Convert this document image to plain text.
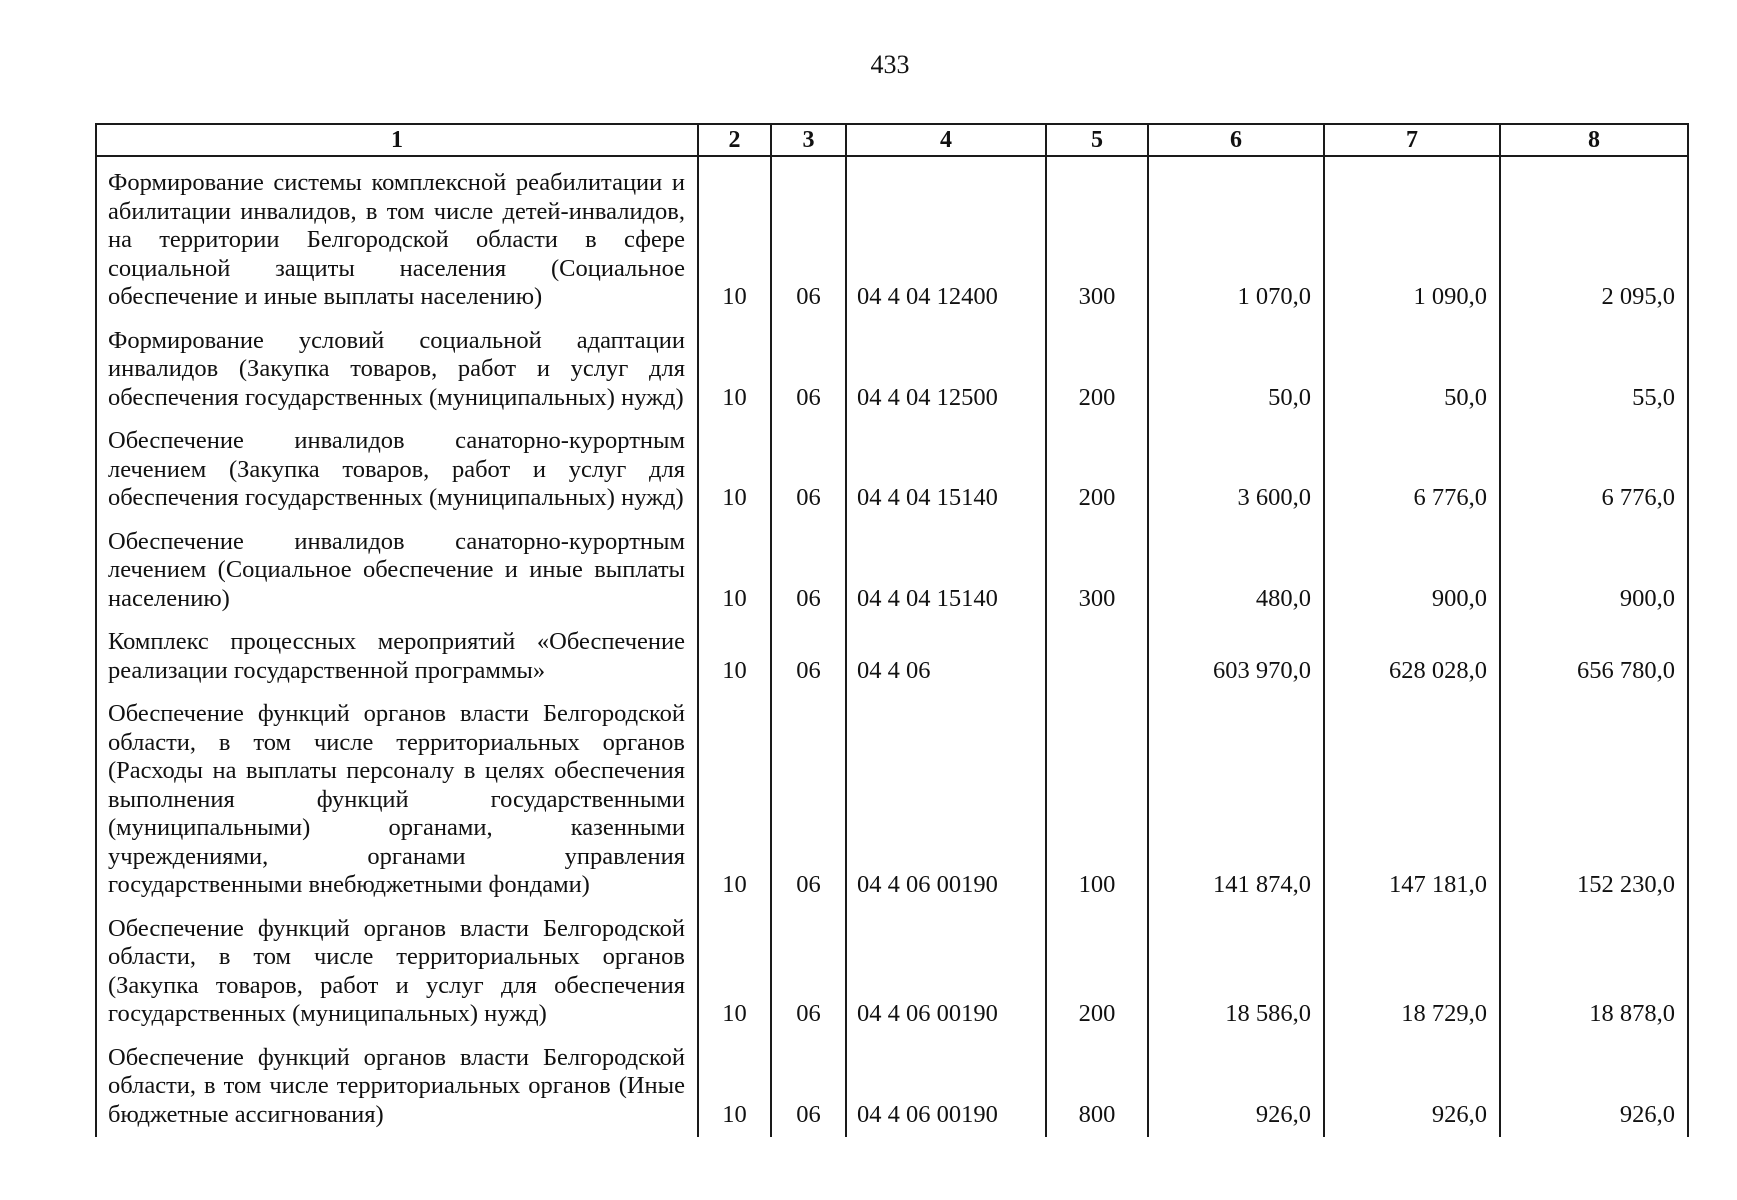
433
1	2	3	4	5	6	7	8
Формирование системы комплексной реабилитации и абилитации инвалидов, в том числе детей-инвалидов, на территории Белгородской области в сфере социальной защиты населения (Социальное обеспечение и иные выплаты населению)	10	06	04 4 04 12400	300	1 070,0	1 090,0	2 095,0
Формирование условий социальной адаптации инвалидов (Закупка товаров, работ и услуг для обеспечения государственных (муниципальных) нужд)	10	06	04 4 04 12500	200	50,0	50,0	55,0
Обеспечение инвалидов санаторно-курортным лечением (Закупка товаров, работ и услуг для обеспечения государственных (муниципальных) нужд)	10	06	04 4 04 15140	200	3 600,0	6 776,0	6 776,0
Обеспечение инвалидов санаторно-курортным лечением (Социальное обеспечение и иные выплаты населению)	10	06	04 4 04 15140	300	480,0	900,0	900,0
Комплекс процессных мероприятий «Обеспечение реализации государственной программы»	10	06	04 4 06		603 970,0	628 028,0	656 780,0
Обеспечение функций органов власти Белгородской области, в том числе территориальных органов (Расходы на выплаты персоналу в целях обеспечения выполнения функций государственными (муниципальными) органами, казенными учреждениями, органами управления государственными внебюджетными фондами)	10	06	04 4 06 00190	100	141 874,0	147 181,0	152 230,0
Обеспечение функций органов власти Белгородской области, в том числе территориальных органов (Закупка товаров, работ и услуг для обеспечения государственных (муниципальных) нужд)	10	06	04 4 06 00190	200	18 586,0	18 729,0	18 878,0
Обеспечение функций органов власти Белгородской области, в том числе территориальных органов (Иные бюджетные ассигнования)	10	06	04 4 06 00190	800	926,0	926,0	926,0
